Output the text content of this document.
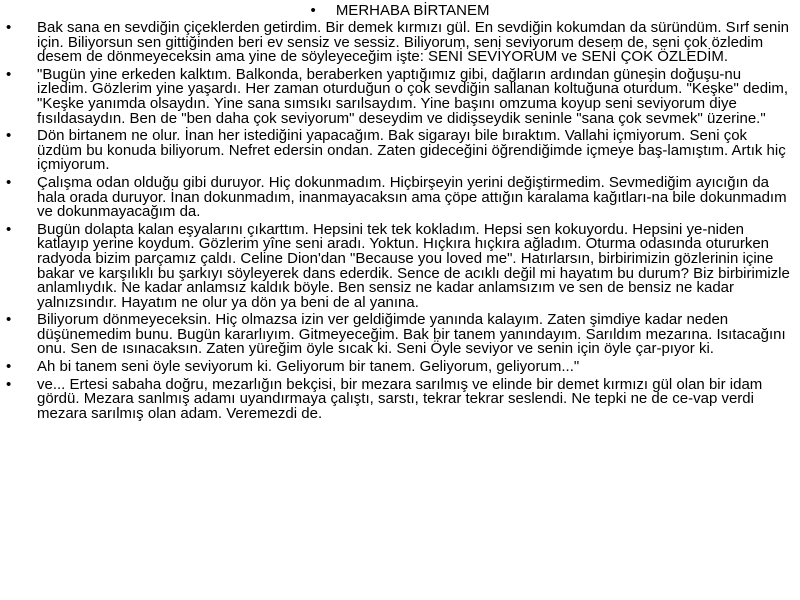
• MERHABA BİRTANEM
•	Bak sana en sevdiğin çiçeklerden getirdim. Bir demek kırmızı gül. En sevdiğin kokumdan da süründüm. Sırf senin için. Biliyorsun sen gittiğinden beri ev sensiz ve sessiz. Biliyorum, seni seviyorum desem de, seni çok özledim desem de dönmeyeceksin ama yine de söyleyeceğim işte: SENİ SEVİYORUM ve SENİ ÇOK ÖZLEDİM.
•	"Bugün yine erkeden kalktım. Balkonda, beraberken yaptığımız gibi, dağların ardından güneşin doğuşu-nu izledim. Gözlerim yine yaşardı. Her zaman oturduğun o çok sevdiğin sallanan koltuğuna oturdum. "Keşke" dedim, "Keşke yanımda olsaydın. Yine sana sımsıkı sarılsaydım. Yine başını omzuma koyup seni seviyorum diye fısıldasaydın. Ben de "ben daha çok seviyorum" deseydim ve didişseydik seninle "sana çok sevmek" üzerine."
•	Dön birtanem ne olur. İnan her istediğini yapacağım. Bak sigarayı bile bıraktım. Vallahi içmiyorum. Seni çok üzdüm bu konuda biliyorum. Nefret edersin ondan. Zaten gideceğini öğrendiğimde içmeye baş-lamıştım. Artık hiç içmiyorum.
•	Çalışma odan olduğu gibi duruyor. Hiç dokunmadım. Hiçbirşeyin yerini değiştirmedim. Sevmediğim ayıcığın da hala orada duruyor. İnan dokunmadım, inanmayacaksın ama çöpe attığın karalama kağıtları-na bile dokunmadım ve dokunmayacağım da.
•	Bugün dolapta kalan eşyalarını çıkarttım. Hepsini tek tek kokladım. Hepsi sen kokuyordu. Hepsini ye-niden katlayıp yerine koydum. Gözlerim yîne seni aradı. Yoktun. Hıçkıra hıçkıra ağladım. Oturma odasında otururken radyoda bizim parçamız çaldı. Celine Dion'dan "Because you loved me". Hatırlarsın, birbirimizin gözlerinin içine bakar ve karşılıklı bu şarkıyı söyleyerek dans ederdik. Sence de acıklı değil mi hayatım bu durum? Biz birbirimizle anlamlıydık. Ne kadar anlamsız kaldık böyle. Ben sensiz ne kadar anlamsızım ve sen de bensiz ne kadar yalnızsındır. Hayatım ne olur ya dön ya beni de al yanına.
•	Biliyorum dönmeyeceksin. Hiç olmazsa izin ver geldiğimde yanında kalayım. Zaten şimdiye kadar neden düşünemedim bunu. Bugün kararlıyım. Gitmeyeceğim. Bak bir tanem yanındayım. Sarıldım mezarına. Isıtacağını onu. Sen de ısınacaksın. Zaten yüreğim öyle sıcak ki. Seni Öyle seviyor ve senin için öyle çar-pıyor ki.
•	Ah bi tanem seni öyle seviyorum ki. Geliyorum bir tanem. Geliyorum, geliyorum..."
•	ve... Ertesi sabaha doğru, mezarlığın bekçisi, bir mezara sarılmış ve elinde bir demet kırmızı gül olan bir idam gördü. Mezara sanlmış adamı uyandırmaya çalıştı, sarstı, tekrar tekrar seslendi. Ne tepki ne de ce-vap verdi mezara sarılmış olan adam. Veremezdi de.
